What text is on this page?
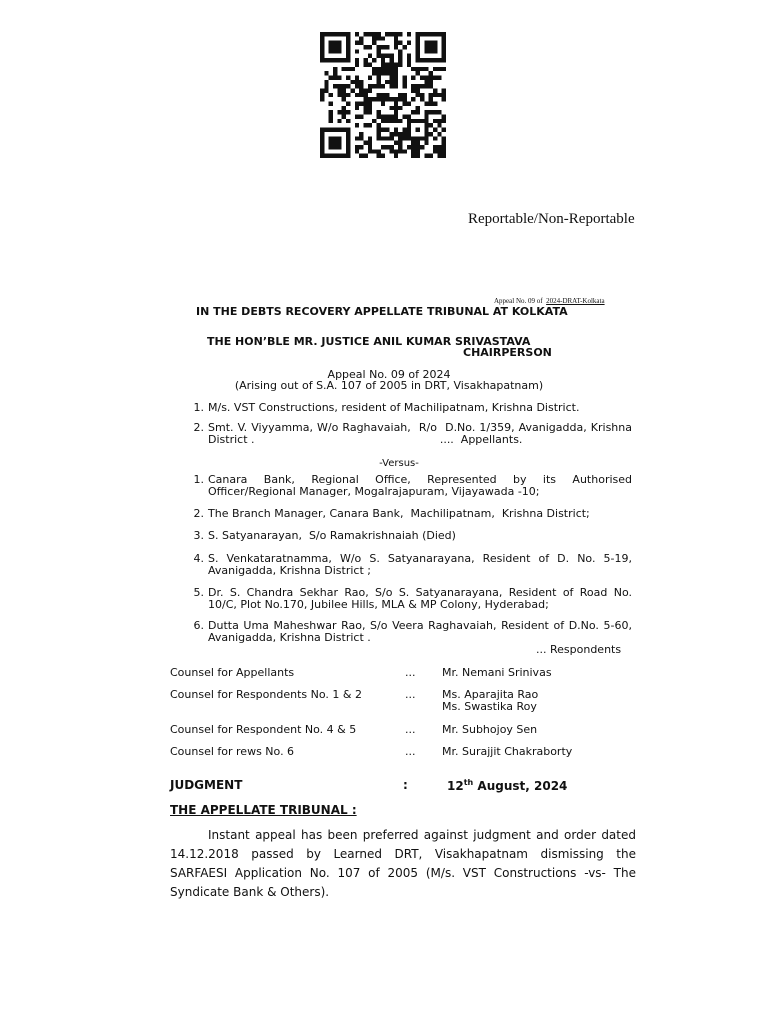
Reportable/Non-Reportable
Appeal No. 09 of 2024-DRAT-Kolkata
IN THE DEBTS RECOVERY APPELLATE TRIBUNAL AT KOLKATA
THE HON’BLE MR. JUSTICE ANIL KUMAR SRIVASTAVA
CHAIRPERSON
Appeal No. 09 of 2024
(Arising out of S.A. 107 of 2005 in DRT, Visakhapatnam)
1. M/s. VST Constructions, resident of Machilipatnam, Krishna District.
2. Smt. V. Viyyamma, W/o Raghavaiah,  R/o  D.No. 1/359, Avanigadda, Krishna District .                                                     ....  Appellants.
-Versus-
1. Canara Bank, Regional Office, Represented by its Authorised Officer/Regional Manager, Mogalrajapuram, Vijayawada -10;
2. The Branch Manager, Canara Bank,  Machilipatnam,  Krishna District;
3. S. Satyanarayan,  S/o Ramakrishnaiah (Died)
4. S. Venkataratnamma, W/o S. Satyanarayana, Resident of D. No. 5-19, Avanigadda, Krishna District ;
5. Dr. S. Chandra Sekhar Rao, S/o S. Satyanarayana, Resident of Road No. 10/C, Plot No.170, Jubilee Hills, MLA & MP Colony, Hyderabad;
6. Dutta Uma Maheshwar Rao, S/o Veera Raghavaiah, Resident of D.No. 5-60, Avanigadda, Krishna District .
... Respondents
Counsel for Appellants	... Mr. Nemani Srinivas
Counsel for Respondents No. 1 & 2	... Ms. Aparajita Rao
Ms. Swastika Roy
Counsel for Respondent No. 4 & 5	... Mr. Subhojoy Sen
Counsel for rews No. 6	... Mr. Surajjit Chakraborty
JUDGMENT	:	12th August, 2024
THE APPELLATE TRIBUNAL :
Instant appeal has been preferred against judgment and order dated 14.12.2018 passed by Learned DRT, Visakhapatnam dismissing the SARFAESI Application No. 107 of 2005 (M/s. VST Constructions -vs- The Syndicate Bank & Others).
